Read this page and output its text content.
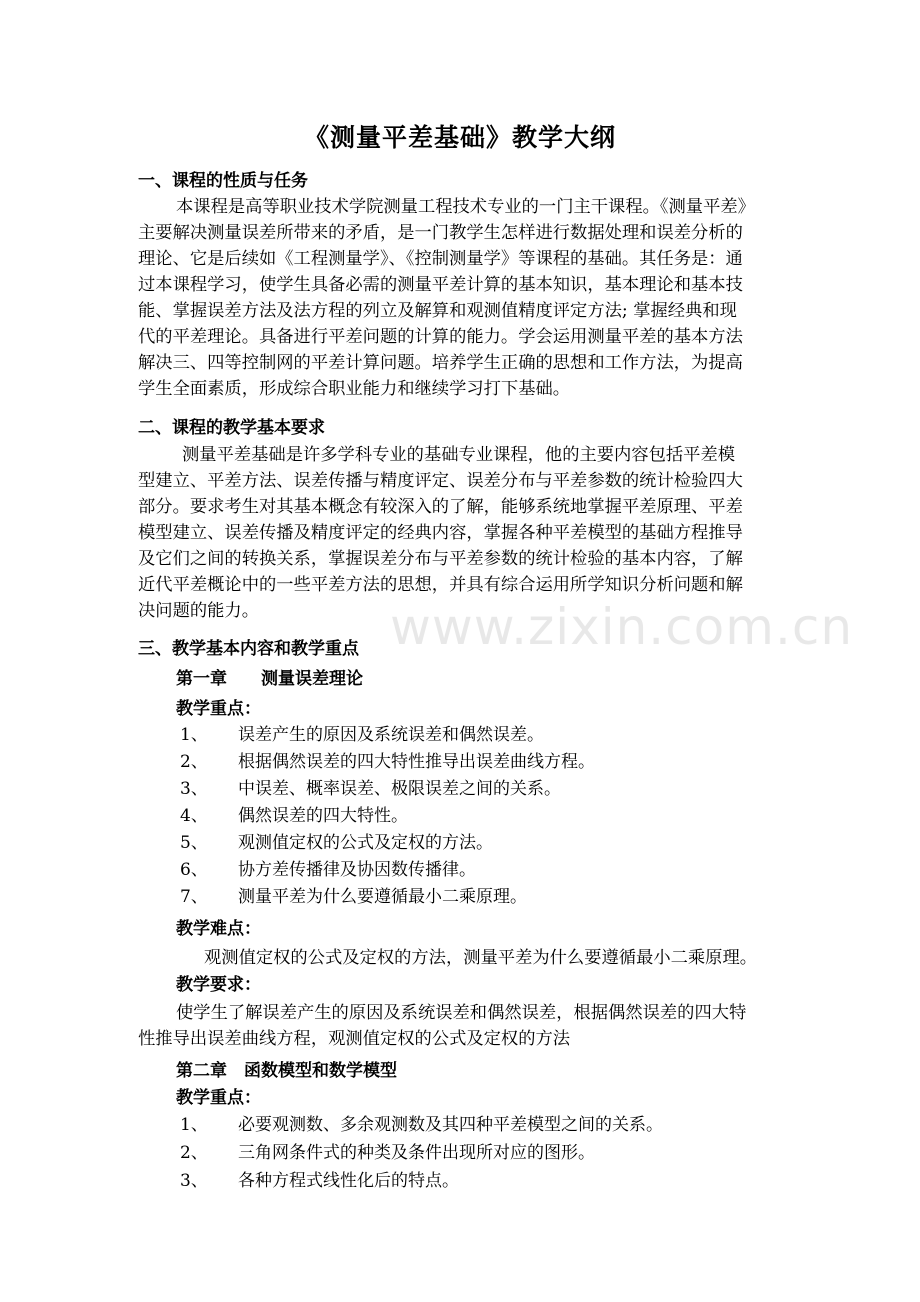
www.zixin.com.cn
《测量平差基础》教学大纲
一、课程的性质与任务
本课程是高等职业技术学院测量工程技术专业的一门主干课程。《测量平差》
主要解决测量误差所带来的矛盾，是一门教学生怎样进行数据处理和误差分析的
理论、它是后续如《工程测量学》、《控制测量学》等课程的基础。其任务是：通
过本课程学习，使学生具备必需的测量平差计算的基本知识，基本理论和基本技
能、掌握误差方法及法方程的列立及解算和观测值精度评定方法; 掌握经典和现
代的平差理论。具备进行平差问题的计算的能力。学会运用测量平差的基本方法
解决三、四等控制网的平差计算问题。培养学生正确的思想和工作方法，为提高
学生全面素质，形成综合职业能力和继续学习打下基础。
二、课程的教学基本要求
测量平差基础是许多学科专业的基础专业课程，他的主要内容包括平差模
型建立、平差方法、误差传播与精度评定、误差分布与平差参数的统计检验四大
部分。要求考生对其基本概念有较深入的了解，能够系统地掌握平差原理、平差
模型建立、误差传播及精度评定的经典内容，掌握各种平差模型的基础方程推导
及它们之间的转换关系，掌握误差分布与平差参数的统计检验的基本内容，了解
近代平差概论中的一些平差方法的思想，并具有综合运用所学知识分析问题和解
决问题的能力。
三、教学基本内容和教学重点
第一章　　测量误差理论
教学重点：
1、 误差产生的原因及系统误差和偶然误差。
2、 根据偶然误差的四大特性推导出误差曲线方程。
3、 中误差、概率误差、极限误差之间的关系。
4、 偶然误差的四大特性。
5、 观测值定权的公式及定权的方法。
6、 协方差传播律及协因数传播律。
7、 测量平差为什么要遵循最小二乘原理。
教学难点：
观测值定权的公式及定权的方法，测量平差为什么要遵循最小二乘原理。
教学要求：
使学生了解误差产生的原因及系统误差和偶然误差，根据偶然误差的四大特
性推导出误差曲线方程，观测值定权的公式及定权的方法
第二章　函数模型和数学模型
教学重点：
1、 必要观测数、多余观测数及其四种平差模型之间的关系。
2、 三角网条件式的种类及条件出现所对应的图形。
3、 各种方程式线性化后的特点。
